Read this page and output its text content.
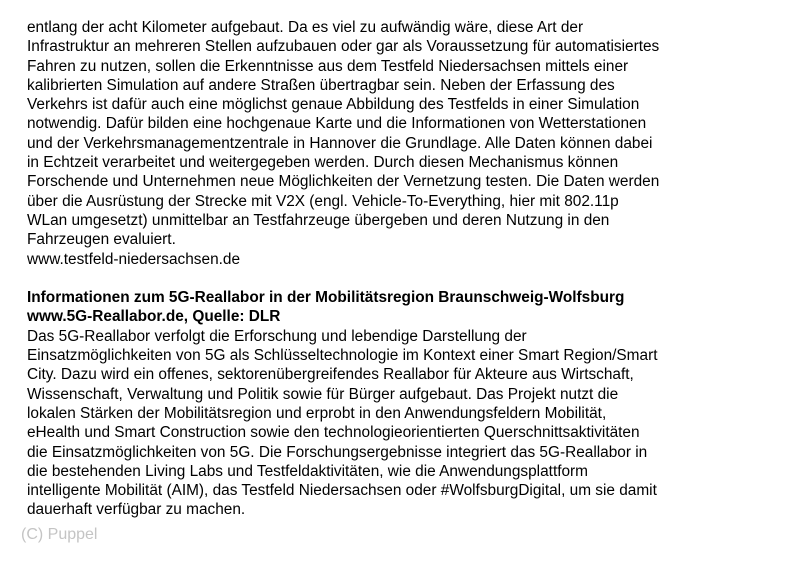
entlang der acht Kilometer aufgebaut. Da es viel zu aufwändig wäre, diese Art der
Infrastruktur an mehreren Stellen aufzubauen oder gar als Voraussetzung für automatisiertes
Fahren zu nutzen, sollen die Erkenntnisse aus dem Testfeld Niedersachsen mittels einer
kalibrierten Simulation auf andere Straßen übertragbar sein. Neben der Erfassung des
Verkehrs ist dafür auch eine möglichst genaue Abbildung des Testfelds in einer Simulation
notwendig. Dafür bilden eine hochgenaue Karte und die Informationen von Wetterstationen
und der Verkehrsmanagementzentrale in Hannover die Grundlage. Alle Daten können dabei
in Echtzeit verarbeitet und weitergegeben werden. Durch diesen Mechanismus können
Forschende und Unternehmen neue Möglichkeiten der Vernetzung testen. Die Daten werden
über die Ausrüstung der Strecke mit V2X (engl. Vehicle-To-Everything, hier mit 802.11p
WLan umgesetzt) unmittelbar an Testfahrzeuge übergeben und deren Nutzung in den
Fahrzeugen evaluiert.
www.testfeld-niedersachsen.de
Informationen zum 5G-Reallabor in der Mobilitätsregion Braunschweig-Wolfsburg
www.5G-Reallabor.de, Quelle: DLR
Das 5G-Reallabor verfolgt die Erforschung und lebendige Darstellung der
Einsatzmöglichkeiten von 5G als Schlüsseltechnologie im Kontext einer Smart Region/Smart
City. Dazu wird ein offenes, sektorenübergreifendes Reallabor für Akteure aus Wirtschaft,
Wissenschaft, Verwaltung und Politik sowie für Bürger aufgebaut. Das Projekt nutzt die
lokalen Stärken der Mobilitätsregion und erprobt in den Anwendungsfeldern Mobilität,
eHealth und Smart Construction sowie den technologieorientierten Querschnittsaktivitäten
die Einsatzmöglichkeiten von 5G. Die Forschungsergebnisse integriert das 5G-Reallabor in
die bestehenden Living Labs und Testfeldaktivitäten, wie die Anwendungsplattform
intelligente Mobilität (AIM), das Testfeld Niedersachsen oder #WolfsburgDigital, um sie damit
dauerhaft verfügbar zu machen.
(C) Puppel
